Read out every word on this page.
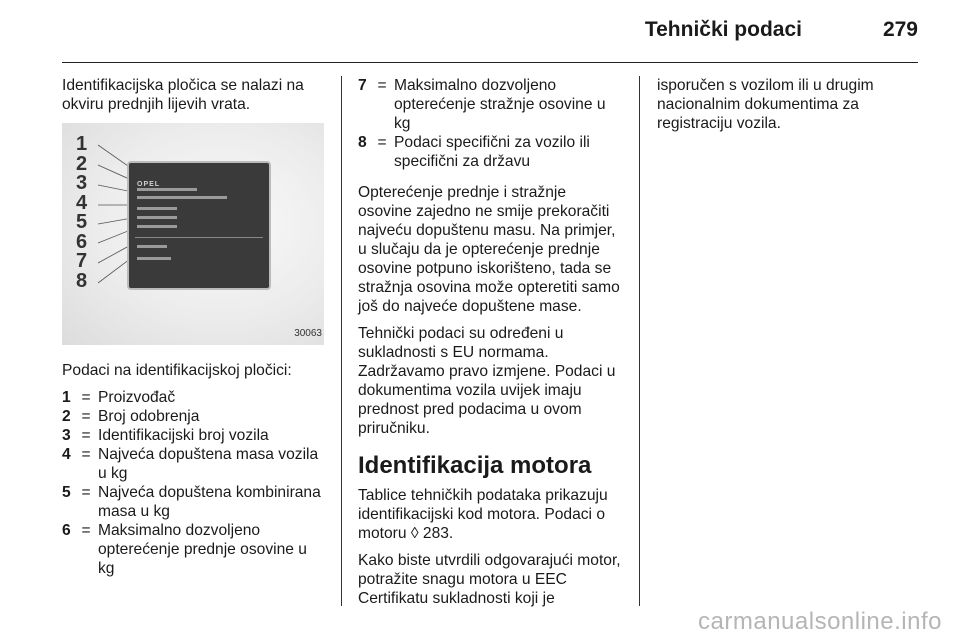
Tehnički podaci	279

Identifikacijska pločica se nalazi na okviru prednjih lijevih vrata.

1
2
3
4
5
6
7
8
OPEL
30063

Podaci na identifikacijskoj pločici:

1 = Proizvođač
2 = Broj odobrenja
3 = Identifikacijski broj vozila
4 = Najveća dopuštena masa vozila u kg
5 = Najveća dopuštena kombinirana masa u kg
6 = Maksimalno dozvoljeno opterećenje prednje osovine u kg
7 = Maksimalno dozvoljeno opterećenje stražnje osovine u kg
8 = Podaci specifični za vozilo ili specifični za državu

Opterećenje prednje i stražnje osovine zajedno ne smije prekoračiti najveću dopuštenu masu. Na primjer, u slučaju da je opterećenje prednje osovine potpuno iskorišteno, tada se stražnja osovina može opteretiti samo još do najveće dopuštene mase.

Tehnički podaci su određeni u sukladnosti s EU normama. Zadržavamo pravo izmjene. Podaci u dokumentima vozila uvijek imaju prednost pred podacima u ovom priručniku.

Identifikacija motora

Tablice tehničkih podataka prikazuju identifikacijski kod motora. Podaci o motoru ◊ 283.

Kako biste utvrdili odgovarajući motor, potražite snagu motora u EEC Certifikatu sukladnosti koji je

isporučen s vozilom ili u drugim nacionalnim dokumentima za registraciju vozila.

carmanualsonline.info
